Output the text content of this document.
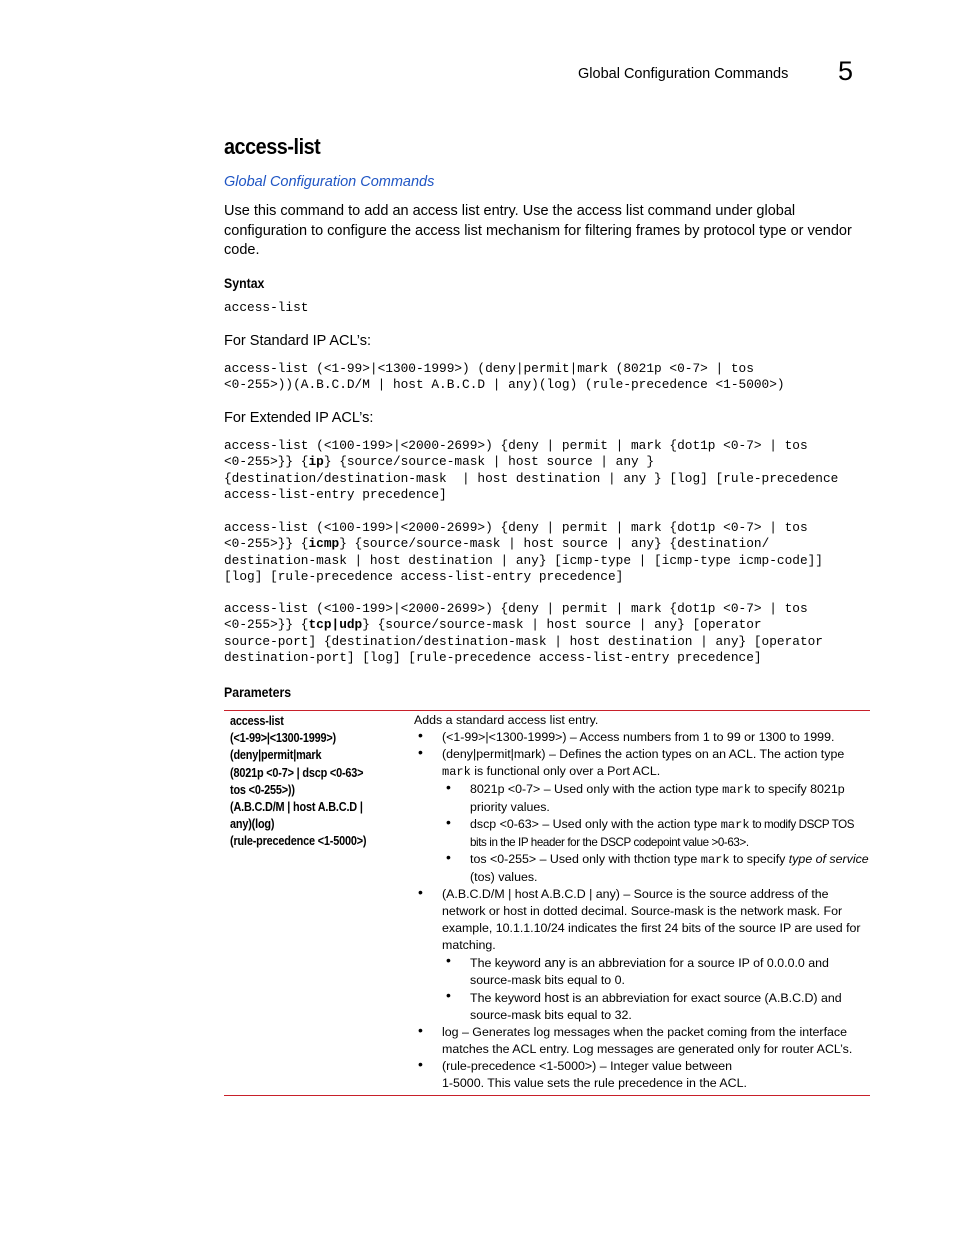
Global Configuration Commands 5
access-list
Global Configuration Commands
Use this command to add an access list entry. Use the access list command under global configuration to configure the access list mechanism for filtering frames by protocol type or vendor code.
Syntax
access-list
For Standard IP ACL’s:
access-list (<1-99>|<1300-1999>) (deny|permit|mark (8021p <0-7> | tos
<0-255>))(A.B.C.D/M | host A.B.C.D | any)(log) (rule-precedence <1-5000>)
For Extended IP ACL’s:
access-list (<100-199>|<2000-2699>) {deny | permit | mark {dot1p <0-7> | tos
<0-255>}} {ip} {source/source-mask | host source | any }
{destination/destination-mask  | host destination | any } [log] [rule-precedence
access-list-entry precedence]
access-list (<100-199>|<2000-2699>) {deny | permit | mark {dot1p <0-7> | tos
<0-255>}} {icmp} {source/source-mask | host source | any} {destination/
destination-mask | host destination | any} [icmp-type | [icmp-type icmp-code]]
[log] [rule-precedence access-list-entry precedence]
access-list (<100-199>|<2000-2699>) {deny | permit | mark {dot1p <0-7> | tos
<0-255>}} {tcp|udp} {source/source-mask | host source | any} [operator
source-port] {destination/destination-mask | host destination | any} [operator
destination-port] [log] [rule-precedence access-list-entry precedence]
Parameters
access-list
(<1-99>|<1300-1999>)
(deny|permit|mark
(8021p <0-7> | dscp <0-63>
tos <0-255>))
(A.B.C.D/M | host A.B.C.D |
any)(log)
(rule-precedence <1-5000>)
Adds a standard access list entry.
• (<1-99>|<1300-1999>) – Access numbers from 1 to 99 or 1300 to 1999.
• (deny|permit|mark) – Defines the action types on an ACL. The action type
mark is functional only over a Port ACL.
• 8021p <0-7> – Used only with the action type mark to specify 8021p priority values.
• dscp <0-63> – Used only with the action type mark to modify DSCP TOS bits in the IP header for the DSCP codepoint value >0-63>.
• tos <0-255> – Used only with thction type mark to specify type of service (tos) values.
• (A.B.C.D/M | host A.B.C.D | any) – Source is the source address of the network or host in dotted decimal. Source-mask is the network mask. For example, 10.1.1.10/24 indicates the first 24 bits of the source IP are used for matching.
• The keyword any is an abbreviation for a source IP of 0.0.0.0 and source-mask bits equal to 0.
• The keyword host is an abbreviation for exact source (A.B.C.D) and source-mask bits equal to 32.
• log – Generates log messages when the packet coming from the interface matches the ACL entry. Log messages are generated only for router ACL’s.
• (rule-precedence <1-5000>) – Integer value between
1-5000. This value sets the rule precedence in the ACL.
